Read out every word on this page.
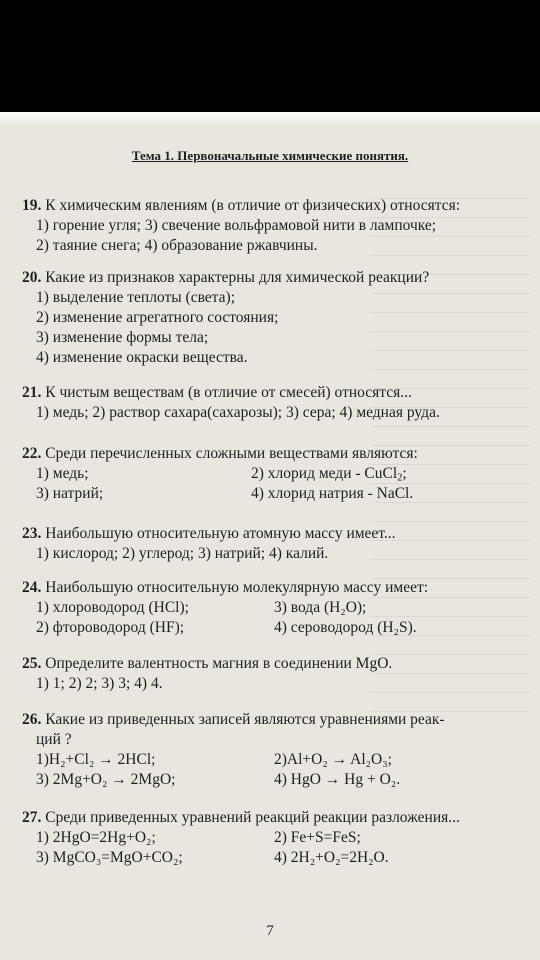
Тема 1. Первоначальные химические понятия.
19. К химическим явлениям (в отличие от физических) относятся:
1) горение угля; 3) свечение вольфрамовой нити в лампочке;
2) таяние снега; 4) образование ржавчины.
20. Какие из признаков характерны для химической реакции?
1) выделение теплоты (света);
2) изменение агрегатного состояния;
3) изменение формы тела;
4) изменение окраски вещества.
21. К чистым веществам (в отличие от смесей) относятся...
1) медь; 2) раствор сахара(сахарозы); 3) сера; 4) медная руда.
22. Среди перечисленных сложными веществами являются:
1) медь;	2) хлорид меди - CuCl$_2$;
3) натрий;	4) хлорид натрия - NaCl.
23. Наибольшую относительную атомную массу имеет...
1) кислород; 2) углерод; 3) натрий; 4) калий.
24. Наибольшую относительную молекулярную массу имеет:
1) хлороводород (HCl);	3) вода (H₂O);
2) фтороводород (HF);	4) сероводород (H₂S).
25. Определите валентность магния в соединении MgO.
1) 1; 2) 2; 3) 3; 4) 4.
26. Какие из приведенных записей являются уравнениями реак-
ций ?
1)H₂+Cl₂ → 2HCl;	2)Al+O₂ → Al₂O₃;
3) 2Mg+O₂ → 2MgO;	4) HgO → Hg + O₂.
27. Среди приведенных уравнений реакций реакции разложения...
1) 2HgO=2Hg+O₂;	2) Fe+S=FeS;
3) MgCO₃=MgO+CO₂;	4) 2H₂+O₂=2H₂O.
7
